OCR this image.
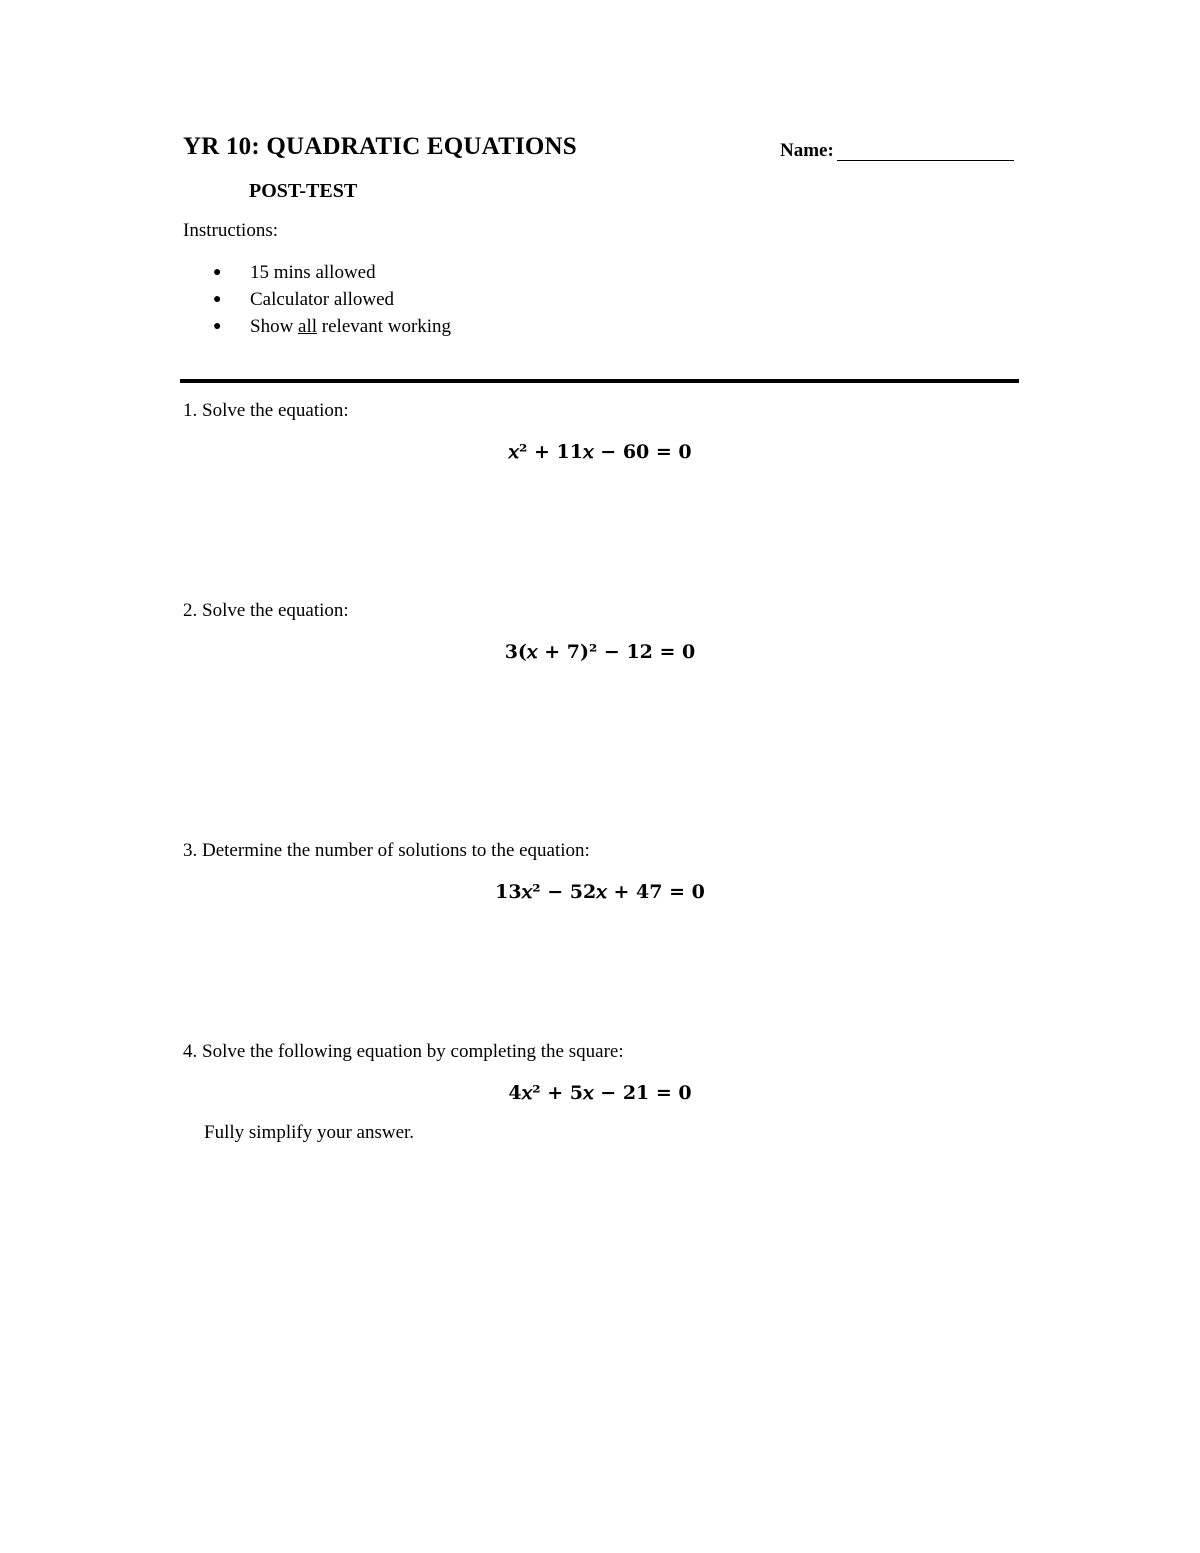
YR 10: QUADRATIC EQUATIONS	Name:
POST-TEST
Instructions:
●	15 mins allowed
●	Calculator allowed
●	Show all relevant working
1. Solve the equation:
𝑥² + 11𝑥 − 60 = 0
2. Solve the equation:
3(𝑥 + 7)² − 12 = 0
3. Determine the number of solutions to the equation:
13𝑥² − 52𝑥 + 47 = 0
4. Solve the following equation by completing the square:
4𝑥² + 5𝑥 − 21 = 0
Fully simplify your answer.
